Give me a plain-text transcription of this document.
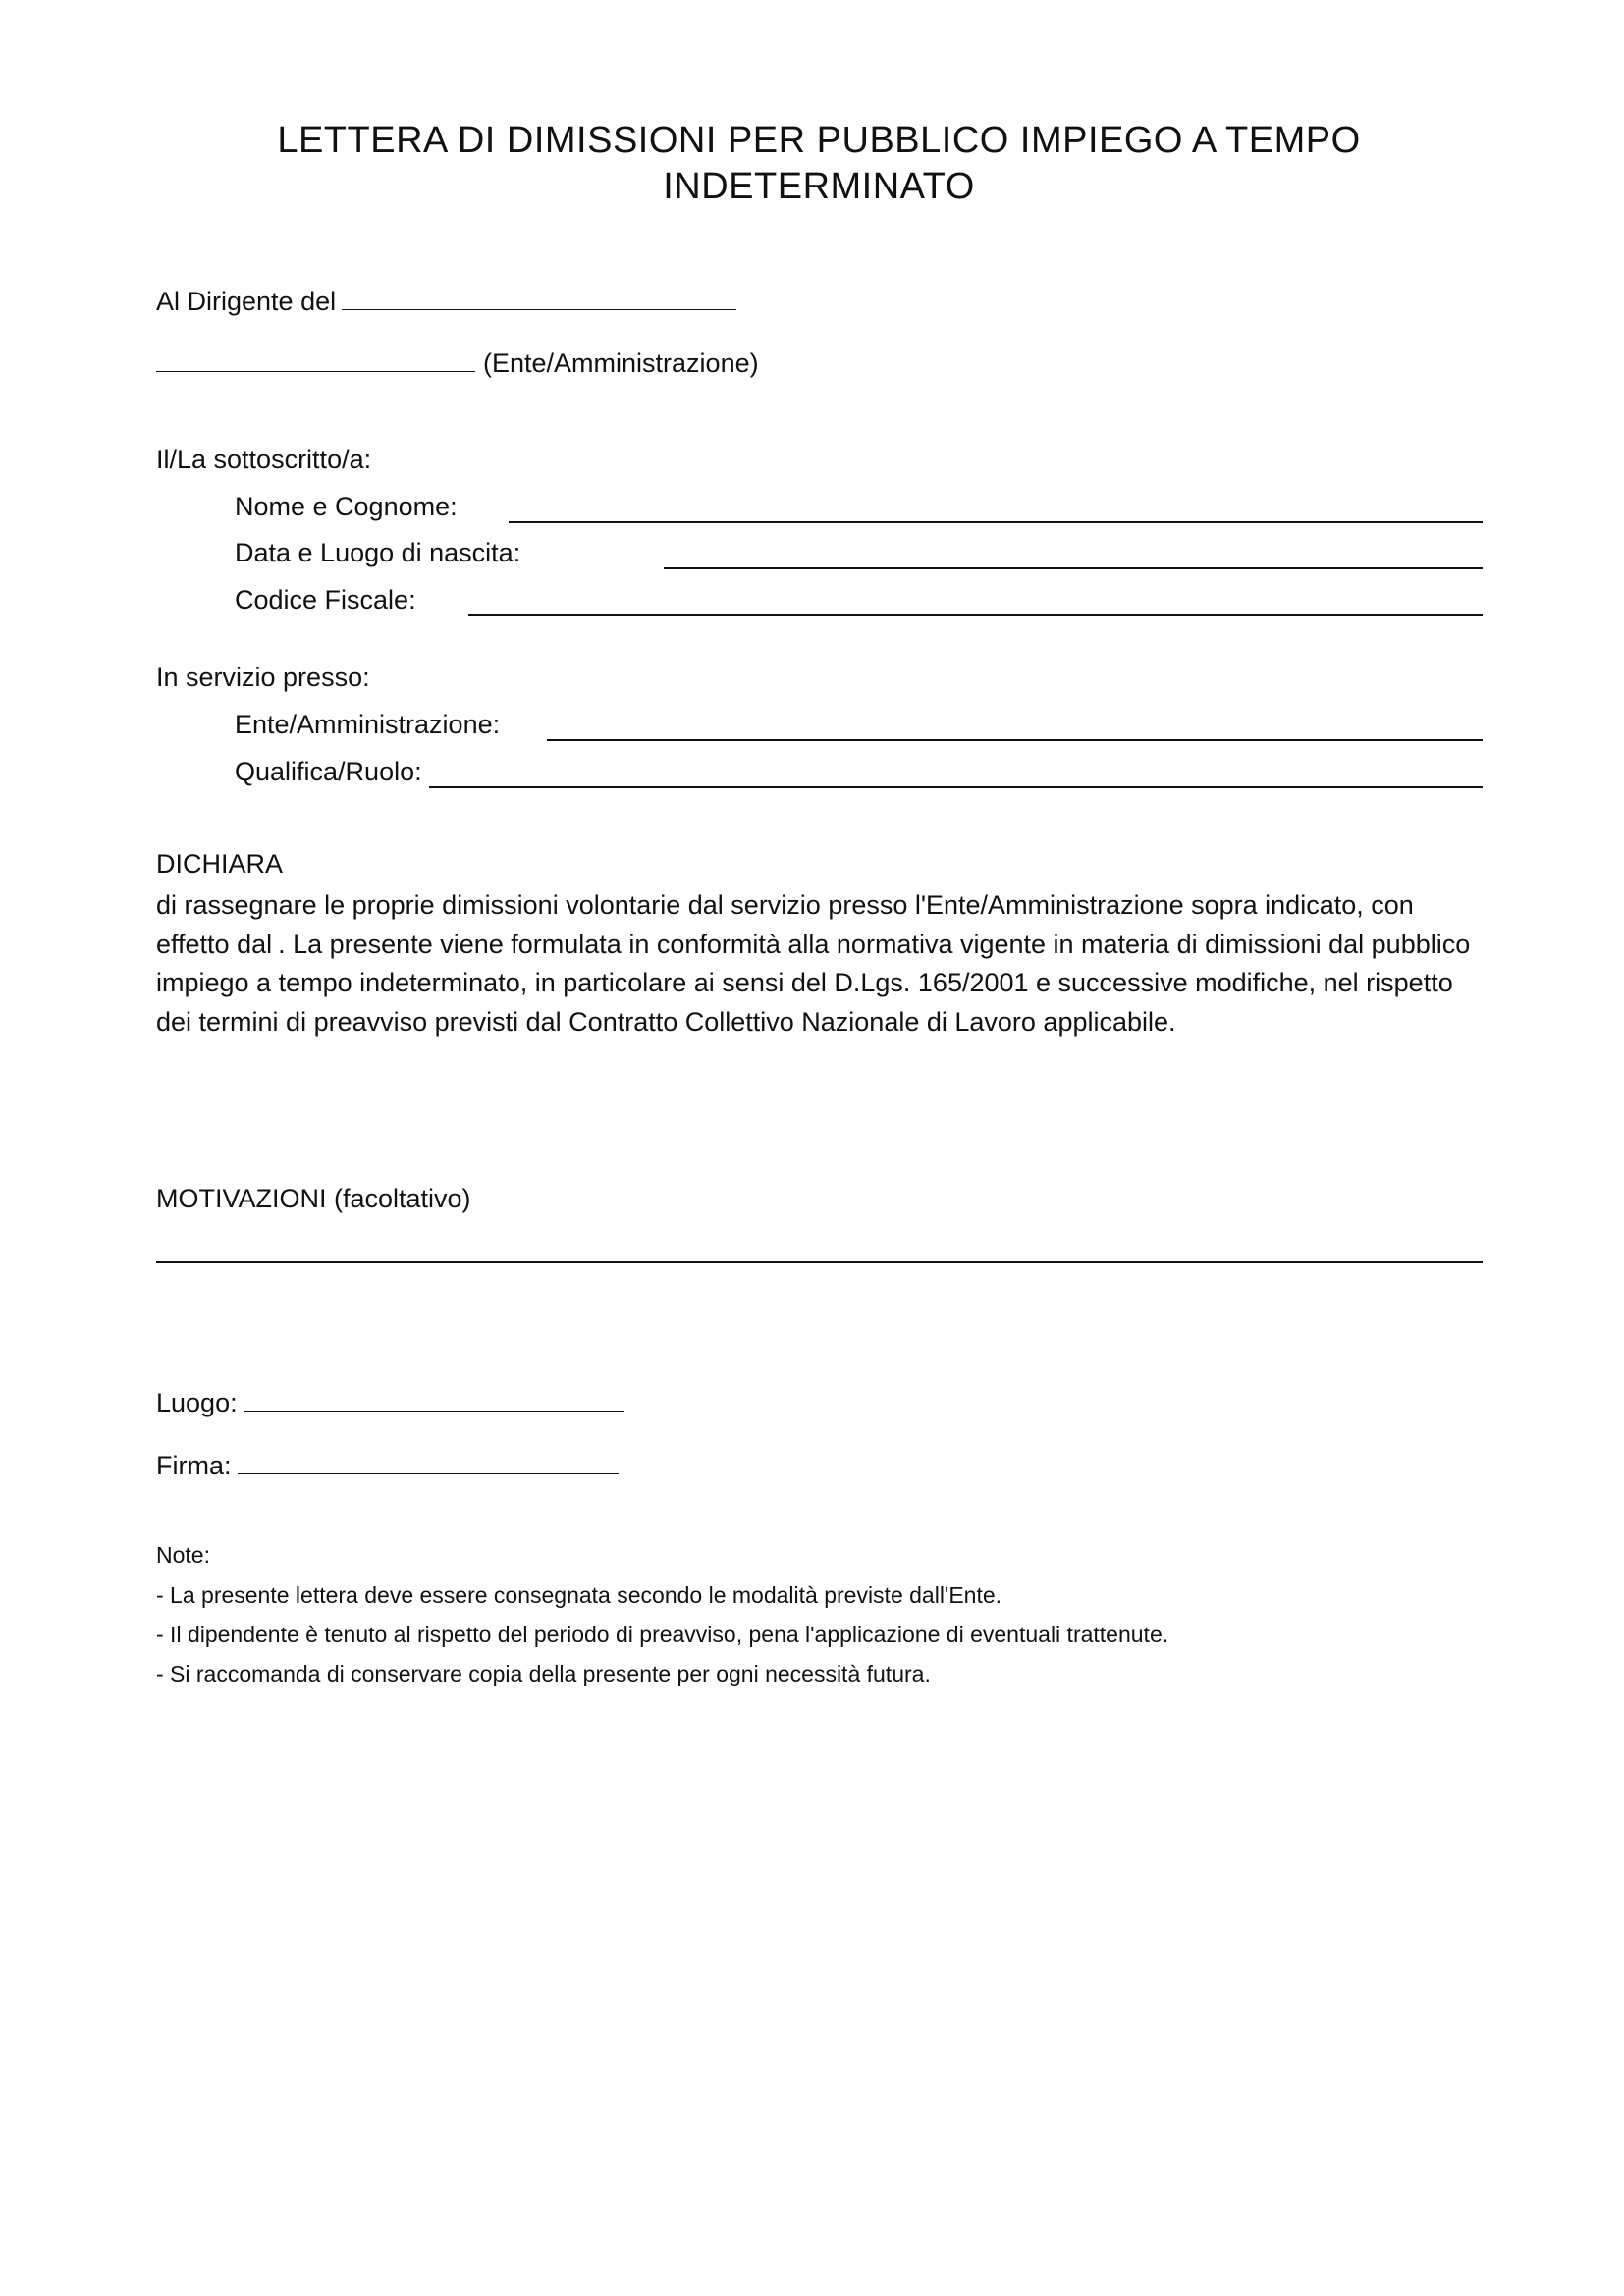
LETTERA DI DIMISSIONI PER PUBBLICO IMPIEGO A TEMPO
INDETERMINATO
Al Dirigente del
(Ente/Amministrazione)
Il/La sottoscritto/a:
Nome e Cognome:
Data e Luogo di nascita:
Codice Fiscale:
In servizio presso:
Ente/Amministrazione:
Qualifica/Ruolo:
DICHIARA
di rassegnare le proprie dimissioni volontarie dal servizio presso l'Ente/Amministrazione sopra indicato, con effetto dal . La presente viene formulata in conformità alla normativa vigente in materia di dimissioni dal pubblico impiego a tempo indeterminato, in particolare ai sensi del D.Lgs. 165/2001 e successive modifiche, nel rispetto dei termini di preavviso previsti dal Contratto Collettivo Nazionale di Lavoro applicabile.
MOTIVAZIONI (facoltativo)
Luogo:
Firma:
Note:
- La presente lettera deve essere consegnata secondo le modalità previste dall'Ente.
- Il dipendente è tenuto al rispetto del periodo di preavviso, pena l'applicazione di eventuali trattenute.
- Si raccomanda di conservare copia della presente per ogni necessità futura.
